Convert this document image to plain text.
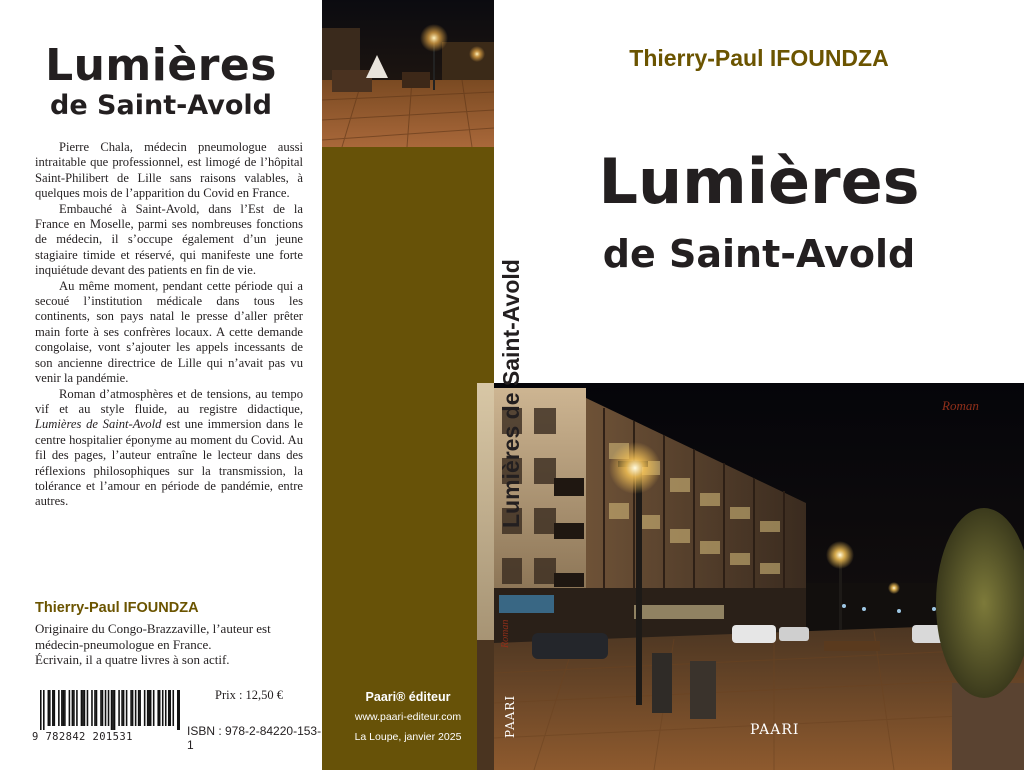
Lumières
de Saint-Avold

Pierre Chala, médecin pneumologue aussi intraitable que professionnel, est limogé de l’hôpital Saint-Philibert de Lille sans raisons valables, à quelques mois de l’apparition du Covid en France.

Embauché à Saint-Avold, dans l’Est de la France en Moselle, parmi ses nombreuses fonctions de médecin, il s’occupe également d’un jeune stagiaire timide et réservé, qui manifeste une forte inquiétude devant des patients en fin de vie.

Au même moment, pendant cette période qui a secoué l’institution médicale dans tous les continents, son pays natal le presse d’aller prêter main forte à ses confrères locaux. A cette demande congolaise, vont s’ajouter les appels incessants de son ancienne directrice de Lille qui n’avait pas vu venir la pandémie.

Roman d’atmosphères et de tensions, au tempo vif et au style fluide, au registre didactique, Lumières de Saint-Avold est une immersion dans le centre hospitalier éponyme au moment du Covid. Au fil des pages, l’auteur entraîne le lecteur dans des réflexions philosophiques sur la transmission, la tolérance et l’amour en période de pandémie, entre autres.

Thierry-Paul IFOUNDZA
Originaire du Congo-Brazzaville, l’auteur est médecin-pneumologue en France.
Écrivain, il a quatre livres à son actif.
Prix : 12,50 €
9 782842 201531	ISBN : 978-2-84220-153-1
Paari® éditeur
www.paari-editeur.com
La Loupe, janvier 2025
Thierry-Paul IFOUNDZA
Lumières
de Saint-Avold
Lumières de Saint-Avold	Roman
Roman
PAARI
PAARI
